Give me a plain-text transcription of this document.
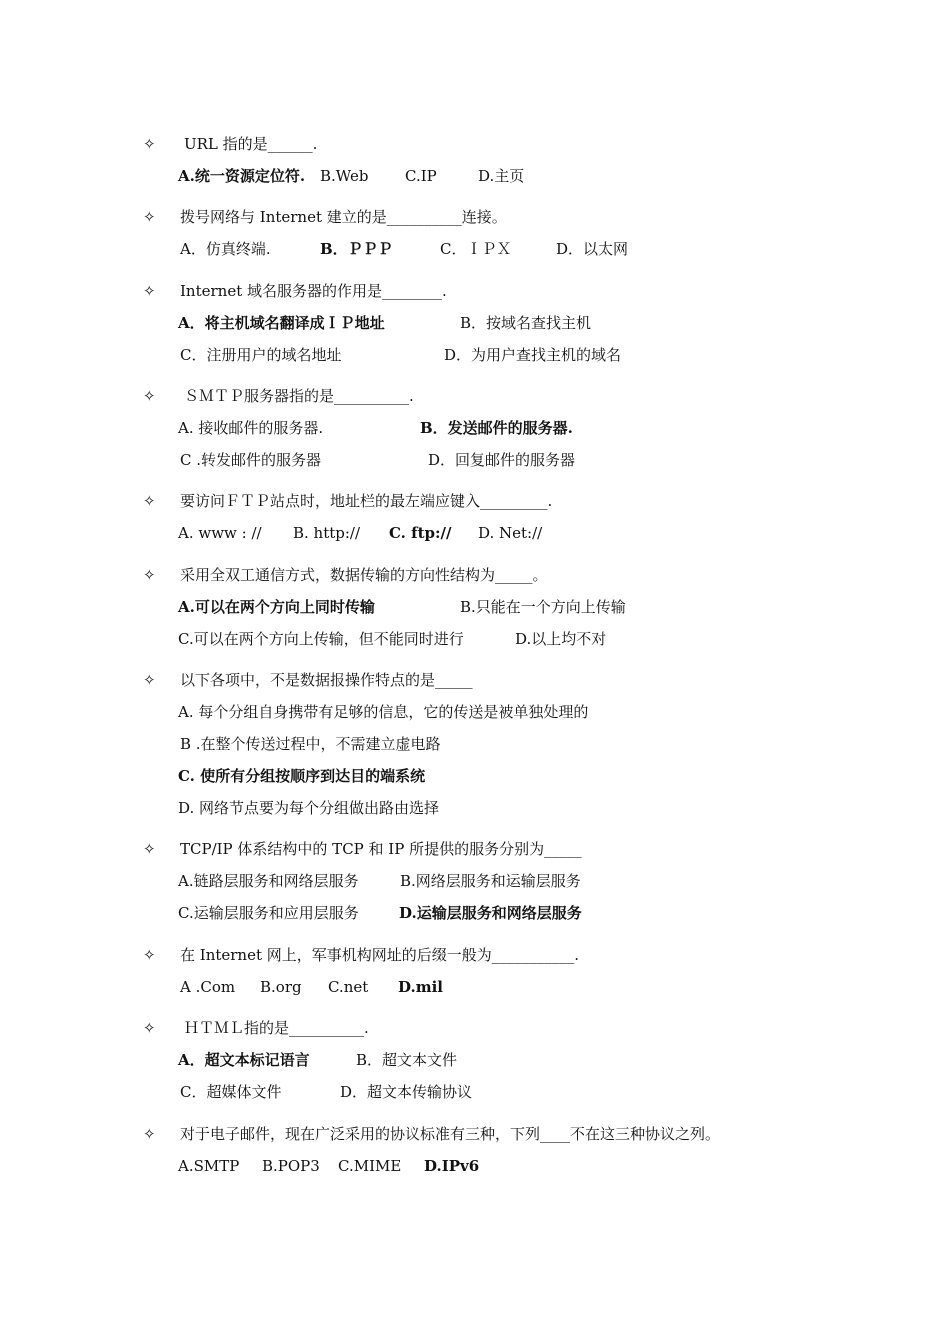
✧ URL 指的是______.
A.统一资源定位符. B.Web C.IP	D.主页
✧ 拨号网络与 Internet 建立的是__________连接。
A．仿真终端.	B．ＰＰＰ	C．ＩＰＸ	D．以太网
✧ Internet 域名服务器的作用是________.
A．将主机域名翻译成ＩＰ地址	B．按域名查找主机
C．注册用户的域名地址	D．为用户查找主机的域名
✧ ＳＭＴＰ服务器指的是__________.
A. 接收邮件的服务器.	B．发送邮件的服务器.
C .转发邮件的服务器	D．回复邮件的服务器
✧ 要访问ＦＴＰ站点时，地址栏的最左端应键入_________.
A. www : // B. http:// C. ftp:// D. Net://
✧ 采用全双工通信方式，数据传输的方向性结构为_____。
A.可以在两个方向上同时传输	B.只能在一个方向上传输
C.可以在两个方向上传输，但不能同时进行	D.以上均不对
✧ 以下各项中，不是数据报操作特点的是_____
A. 每个分组自身携带有足够的信息，它的传送是被单独处理的
B .在整个传送过程中，不需建立虚电路
C. 使所有分组按顺序到达目的端系统
D. 网络节点要为每个分组做出路由选择
✧ TCP/IP 体系结构中的 TCP 和 IP 所提供的服务分别为_____
A.链路层服务和网络层服务	B.网络层服务和运输层服务
C.运输层服务和应用层服务	D.运输层服务和网络层服务
✧ 在 Internet 网上，军事机构网址的后缀一般为___________.
A .Com B.org C.net D.mil
✧ ＨＴＭＬ指的是__________.
A．超文本标记语言	B．超文本文件
C．超媒体文件	D．超文本传输协议
✧ 对于电子邮件，现在广泛采用的协议标准有三种，下列____不在这三种协议之列。
A.SMTP B.POP3 C.MIME D.IPv6
